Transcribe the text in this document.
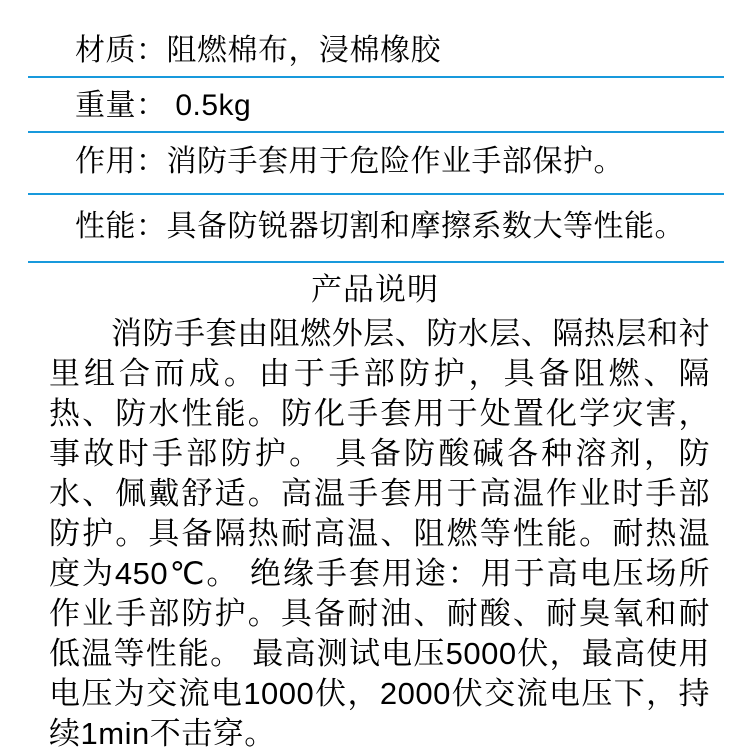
材质：阻燃棉布，浸棉橡胶
重量： 0.5kg
作用：消防手套用于危险作业手部保护。
性能：具备防锐器切割和摩擦系数大等性能。
产品说明

消防手套由阻燃外层、防水层、隔热层和衬里组合而成。由于手部防护，具备阻燃、隔热、防水性能。防化手套用于处置化学灾害，事故时手部防护。 具备防酸碱各种溶剂，防水、佩戴舒适。高温手套用于高温作业时手部防护。具备隔热耐高温、阻燃等性能。耐热温度为450℃。 绝缘手套用途：用于高电压场所作业手部防护。具备耐油、耐酸、耐臭氧和耐低温等性能。 最高测试电压5000伏，最高使用电压为交流电1000伏，2000伏交流电压下，持续1min不击穿。
